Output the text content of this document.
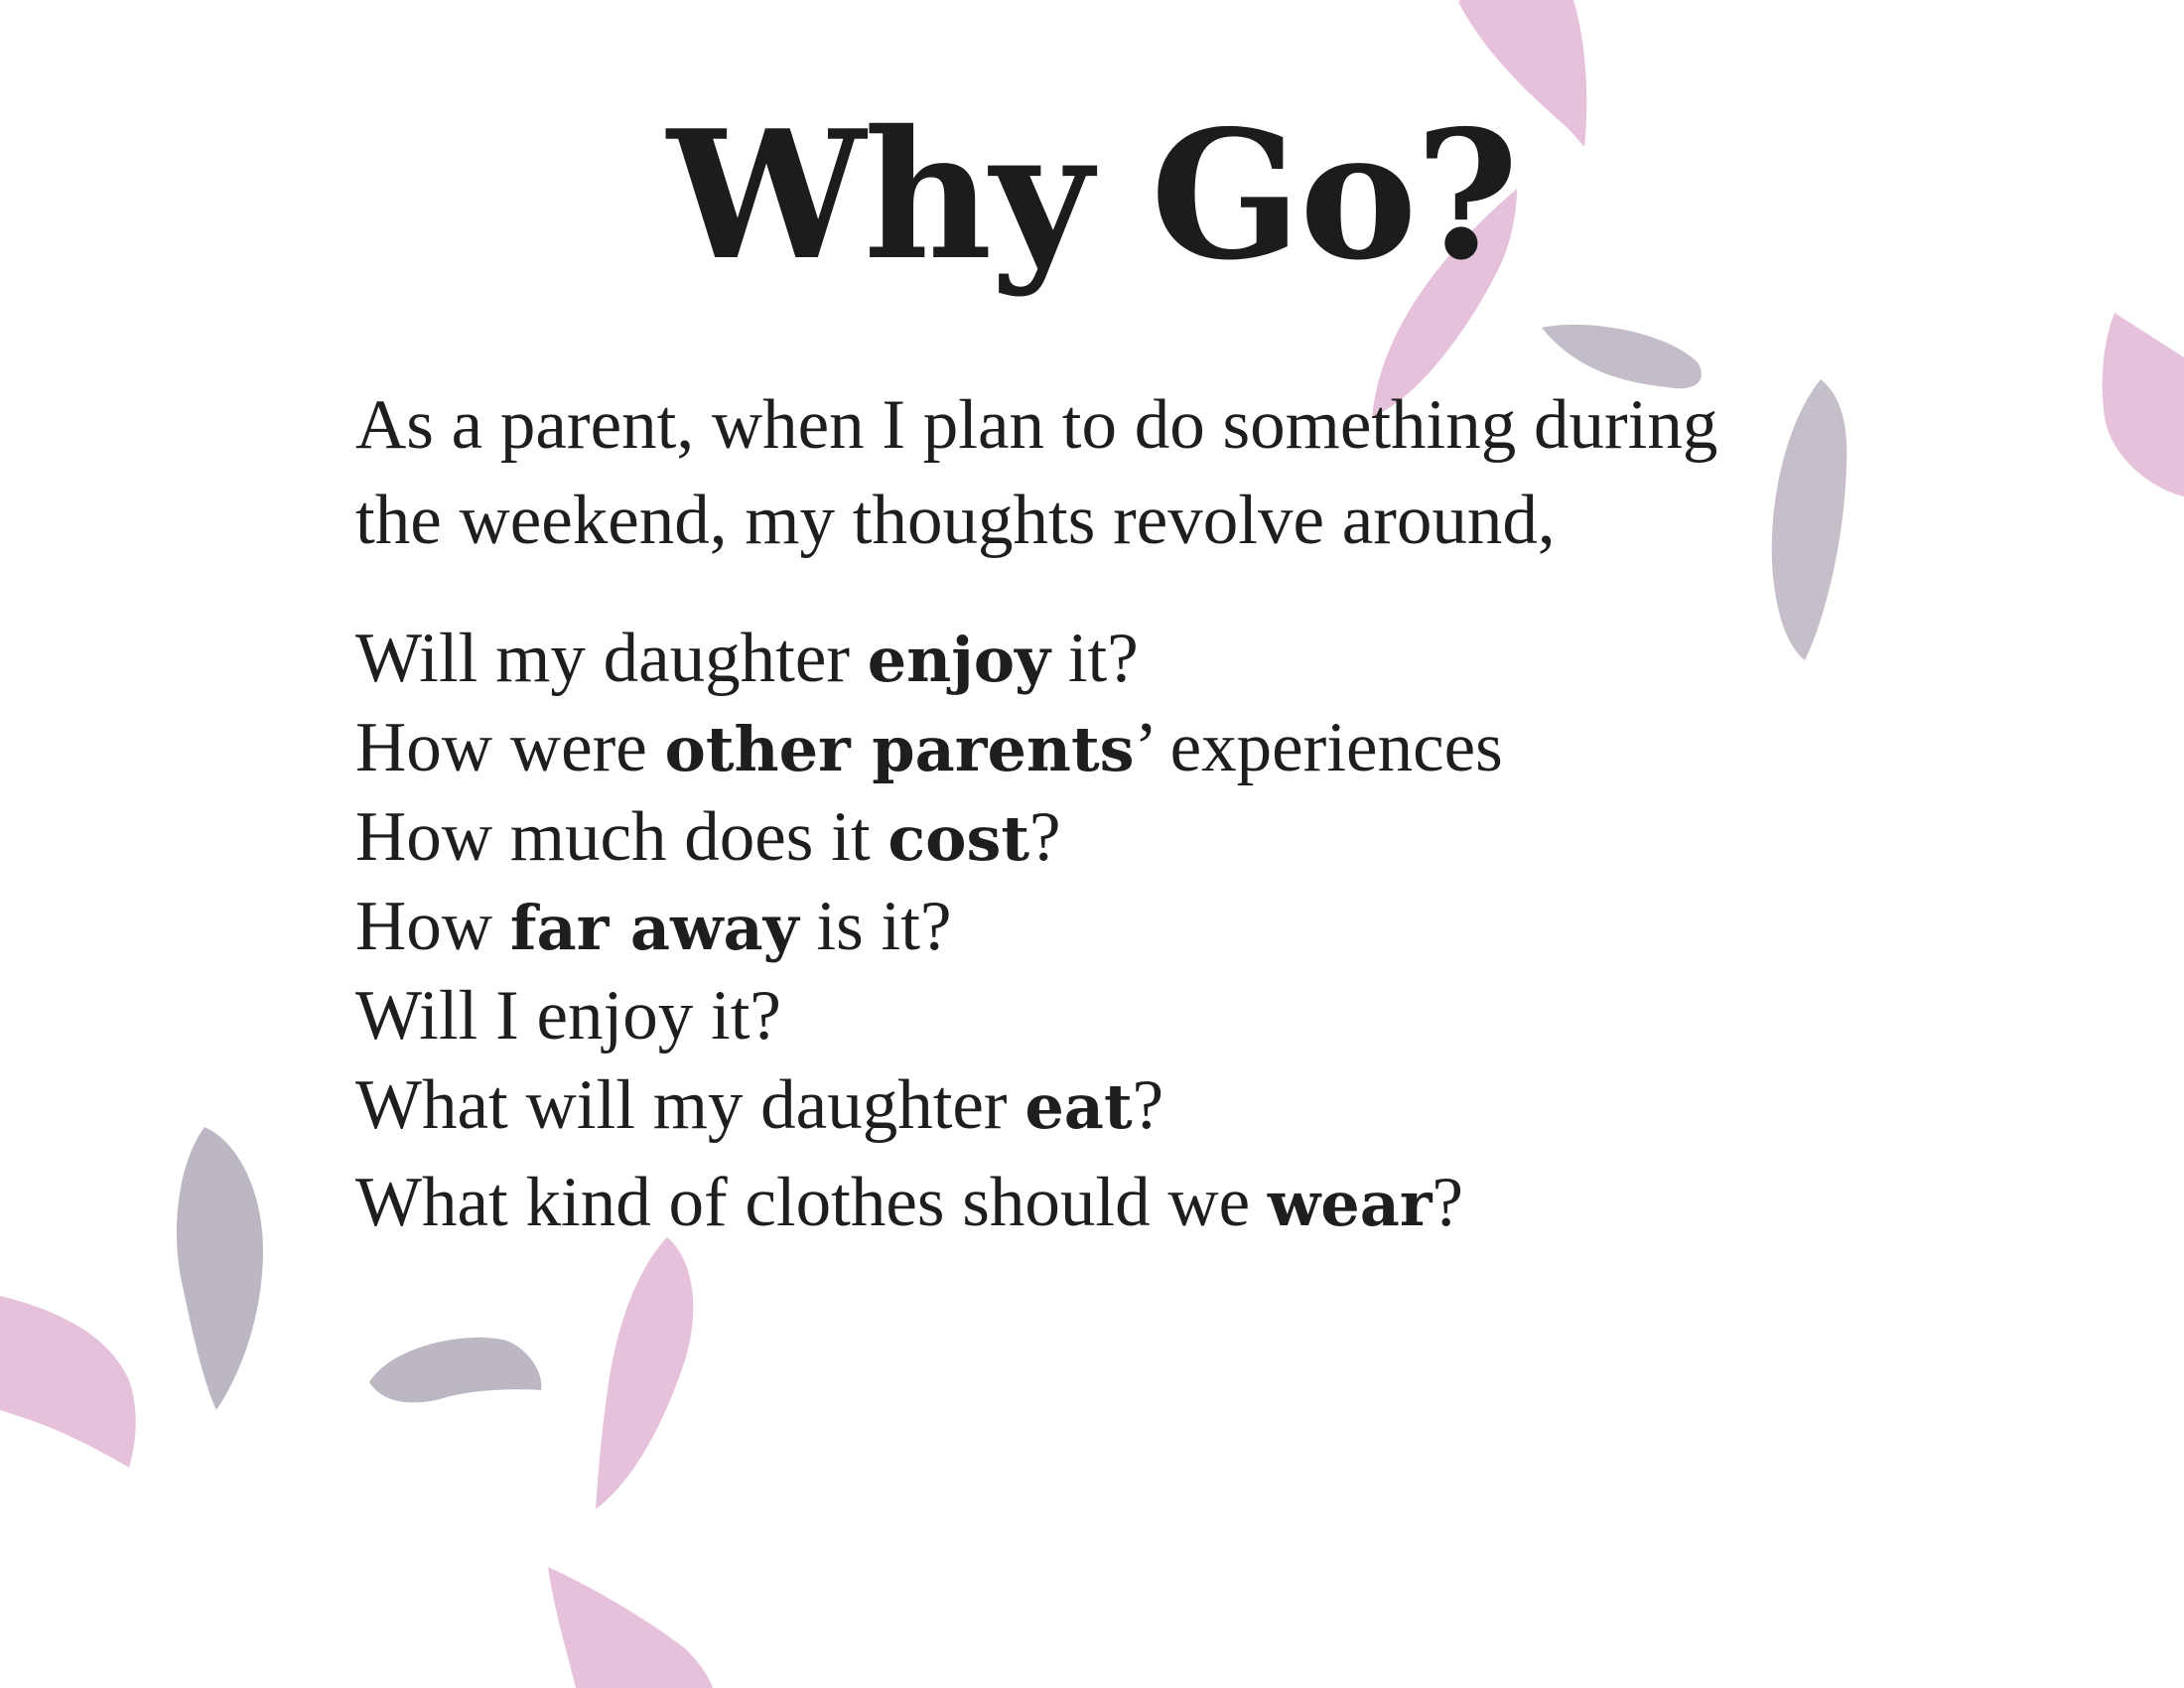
Why Go?

As a parent, when I plan to do something during
the weekend, my thoughts revolve around,

Will my daughter enjoy it?
How were other parents’ experiences
How much does it cost?
How far away is it?
Will I enjoy it?
What will my daughter eat?
What kind of clothes should we wear?
